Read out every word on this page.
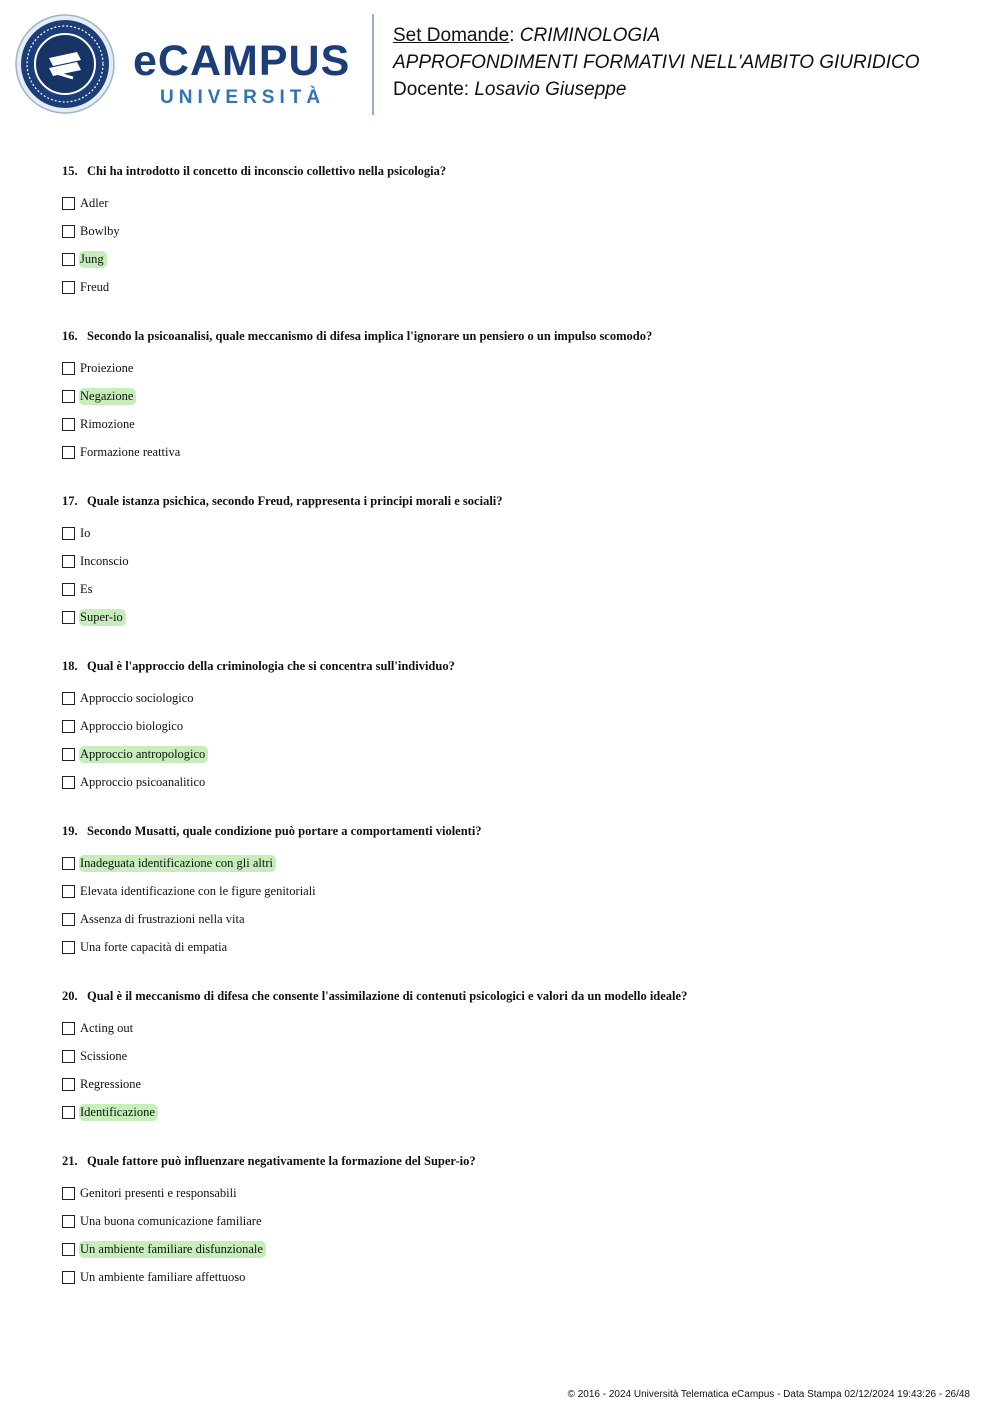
eCAMPUS
UNIVERSITÀ
Set Domande: CRIMINOLOGIA
APPROFONDIMENTI FORMATIVI NELL'AMBITO GIURIDICO
Docente: Losavio Giuseppe
15. Chi ha introdotto il concetto di inconscio collettivo nella psicologia?
Adler
Bowlby
Jung
Freud
16. Secondo la psicoanalisi, quale meccanismo di difesa implica l'ignorare un pensiero o un impulso scomodo?
Proiezione
Negazione
Rimozione
Formazione reattiva
17. Quale istanza psichica, secondo Freud, rappresenta i principi morali e sociali?
Io
Inconscio
Es
Super-io
18. Qual è l'approccio della criminologia che si concentra sull'individuo?
Approccio sociologico
Approccio biologico
Approccio antropologico
Approccio psicoanalitico
19. Secondo Musatti, quale condizione può portare a comportamenti violenti?
Inadeguata identificazione con gli altri
Elevata identificazione con le figure genitoriali
Assenza di frustrazioni nella vita
Una forte capacità di empatia
20. Qual è il meccanismo di difesa che consente l'assimilazione di contenuti psicologici e valori da un modello ideale?
Acting out
Scissione
Regressione
Identificazione
21. Quale fattore può influenzare negativamente la formazione del Super-io?
Genitori presenti e responsabili
Una buona comunicazione familiare
Un ambiente familiare disfunzionale
Un ambiente familiare affettuoso
© 2016 - 2024 Università Telematica eCampus - Data Stampa 02/12/2024 19:43:26 - 26/48
